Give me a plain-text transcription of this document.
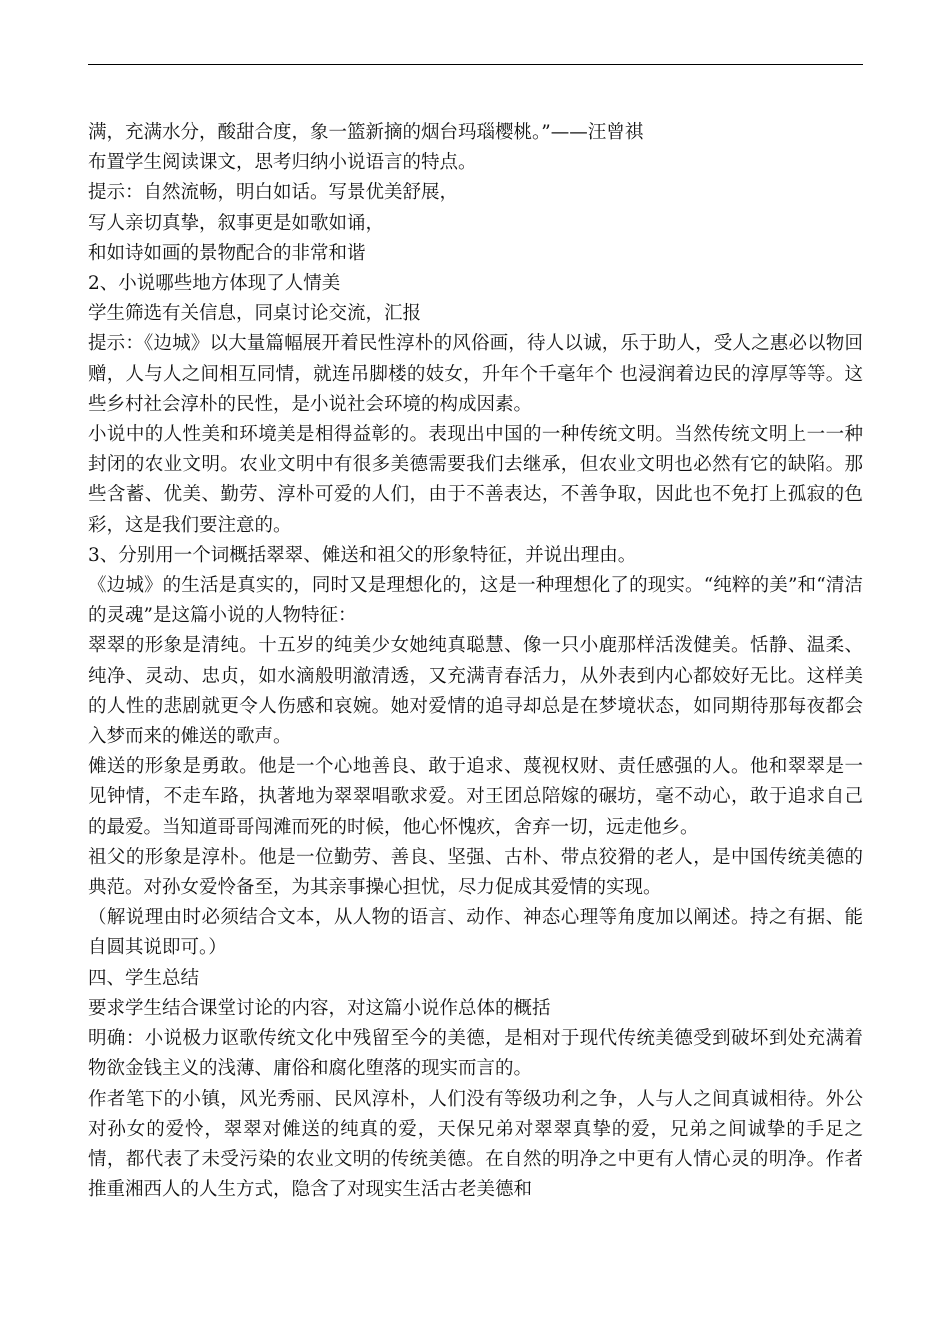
满，充满水分，酸甜合度，象一篮新摘的烟台玛瑙樱桃。”——汪曾祺

布置学生阅读课文，思考归纳小说语言的特点。

提示：自然流畅，明白如话。写景优美舒展，

写人亲切真挚，叙事更是如歌如诵，

和如诗如画的景物配合的非常和谐

2、小说哪些地方体现了人情美

学生筛选有关信息，同桌讨论交流，汇报

提示：《边城》以大量篇幅展开着民性淳朴的风俗画，待人以诚，乐于助人，受人之惠必以物回赠，人与人之间相互同情，就连吊脚楼的妓女，升年个千毫年个 也浸润着边民的淳厚等等。这些乡村社会淳朴的民性，是小说社会环境的构成因素。

小说中的人性美和环境美是相得益彰的。表现出中国的一种传统文明。当然传统文明上一一种封闭的农业文明。农业文明中有很多美德需要我们去继承，但农业文明也必然有它的缺陷。那些含蓄、优美、勤劳、淳朴可爱的人们，由于不善表达，不善争取，因此也不免打上孤寂的色彩，这是我们要注意的。

3、分别用一个词概括翠翠、傩送和祖父的形象特征，并说出理由。

《边城》的生活是真实的，同时又是理想化的，这是一种理想化了的现实。“纯粹的美”和“清洁的灵魂”是这篇小说的人物特征：

翠翠的形象是清纯。十五岁的纯美少女她纯真聪慧、像一只小鹿那样活泼健美。恬静、温柔、纯净、灵动、忠贞，如水滴般明澈清透，又充满青春活力，从外表到内心都姣好无比。这样美的人性的悲剧就更令人伤感和哀婉。她对爱情的追寻却总是在梦境状态，如同期待那每夜都会入梦而来的傩送的歌声。

傩送的形象是勇敢。他是一个心地善良、敢于追求、蔑视权财、责任感强的人。他和翠翠是一见钟情，不走车路，执著地为翠翠唱歌求爱。对王团总陪嫁的碾坊，毫不动心，敢于追求自己的最爱。当知道哥哥闯滩而死的时候，他心怀愧疚，舍弃一切，远走他乡。

祖父的形象是淳朴。他是一位勤劳、善良、坚强、古朴、带点狡猾的老人，是中国传统美德的典范。对孙女爱怜备至，为其亲事操心担忧，尽力促成其爱情的实现。

（解说理由时必须结合文本，从人物的语言、动作、神态心理等角度加以阐述。持之有据、能自圆其说即可。）

四、学生总结

要求学生结合课堂讨论的内容，对这篇小说作总体的概括

明确：小说极力讴歌传统文化中残留至今的美德，是相对于现代传统美德受到破坏到处充满着物欲金钱主义的浅薄、庸俗和腐化堕落的现实而言的。

作者笔下的小镇，风光秀丽、民风淳朴，人们没有等级功利之争，人与人之间真诚相待。外公对孙女的爱怜，翠翠对傩送的纯真的爱，天保兄弟对翠翠真挚的爱，兄弟之间诚挚的手足之情，都代表了未受污染的农业文明的传统美德。在自然的明净之中更有人情心灵的明净。作者推重湘西人的人生方式，隐含了对现实生活古老美德和
